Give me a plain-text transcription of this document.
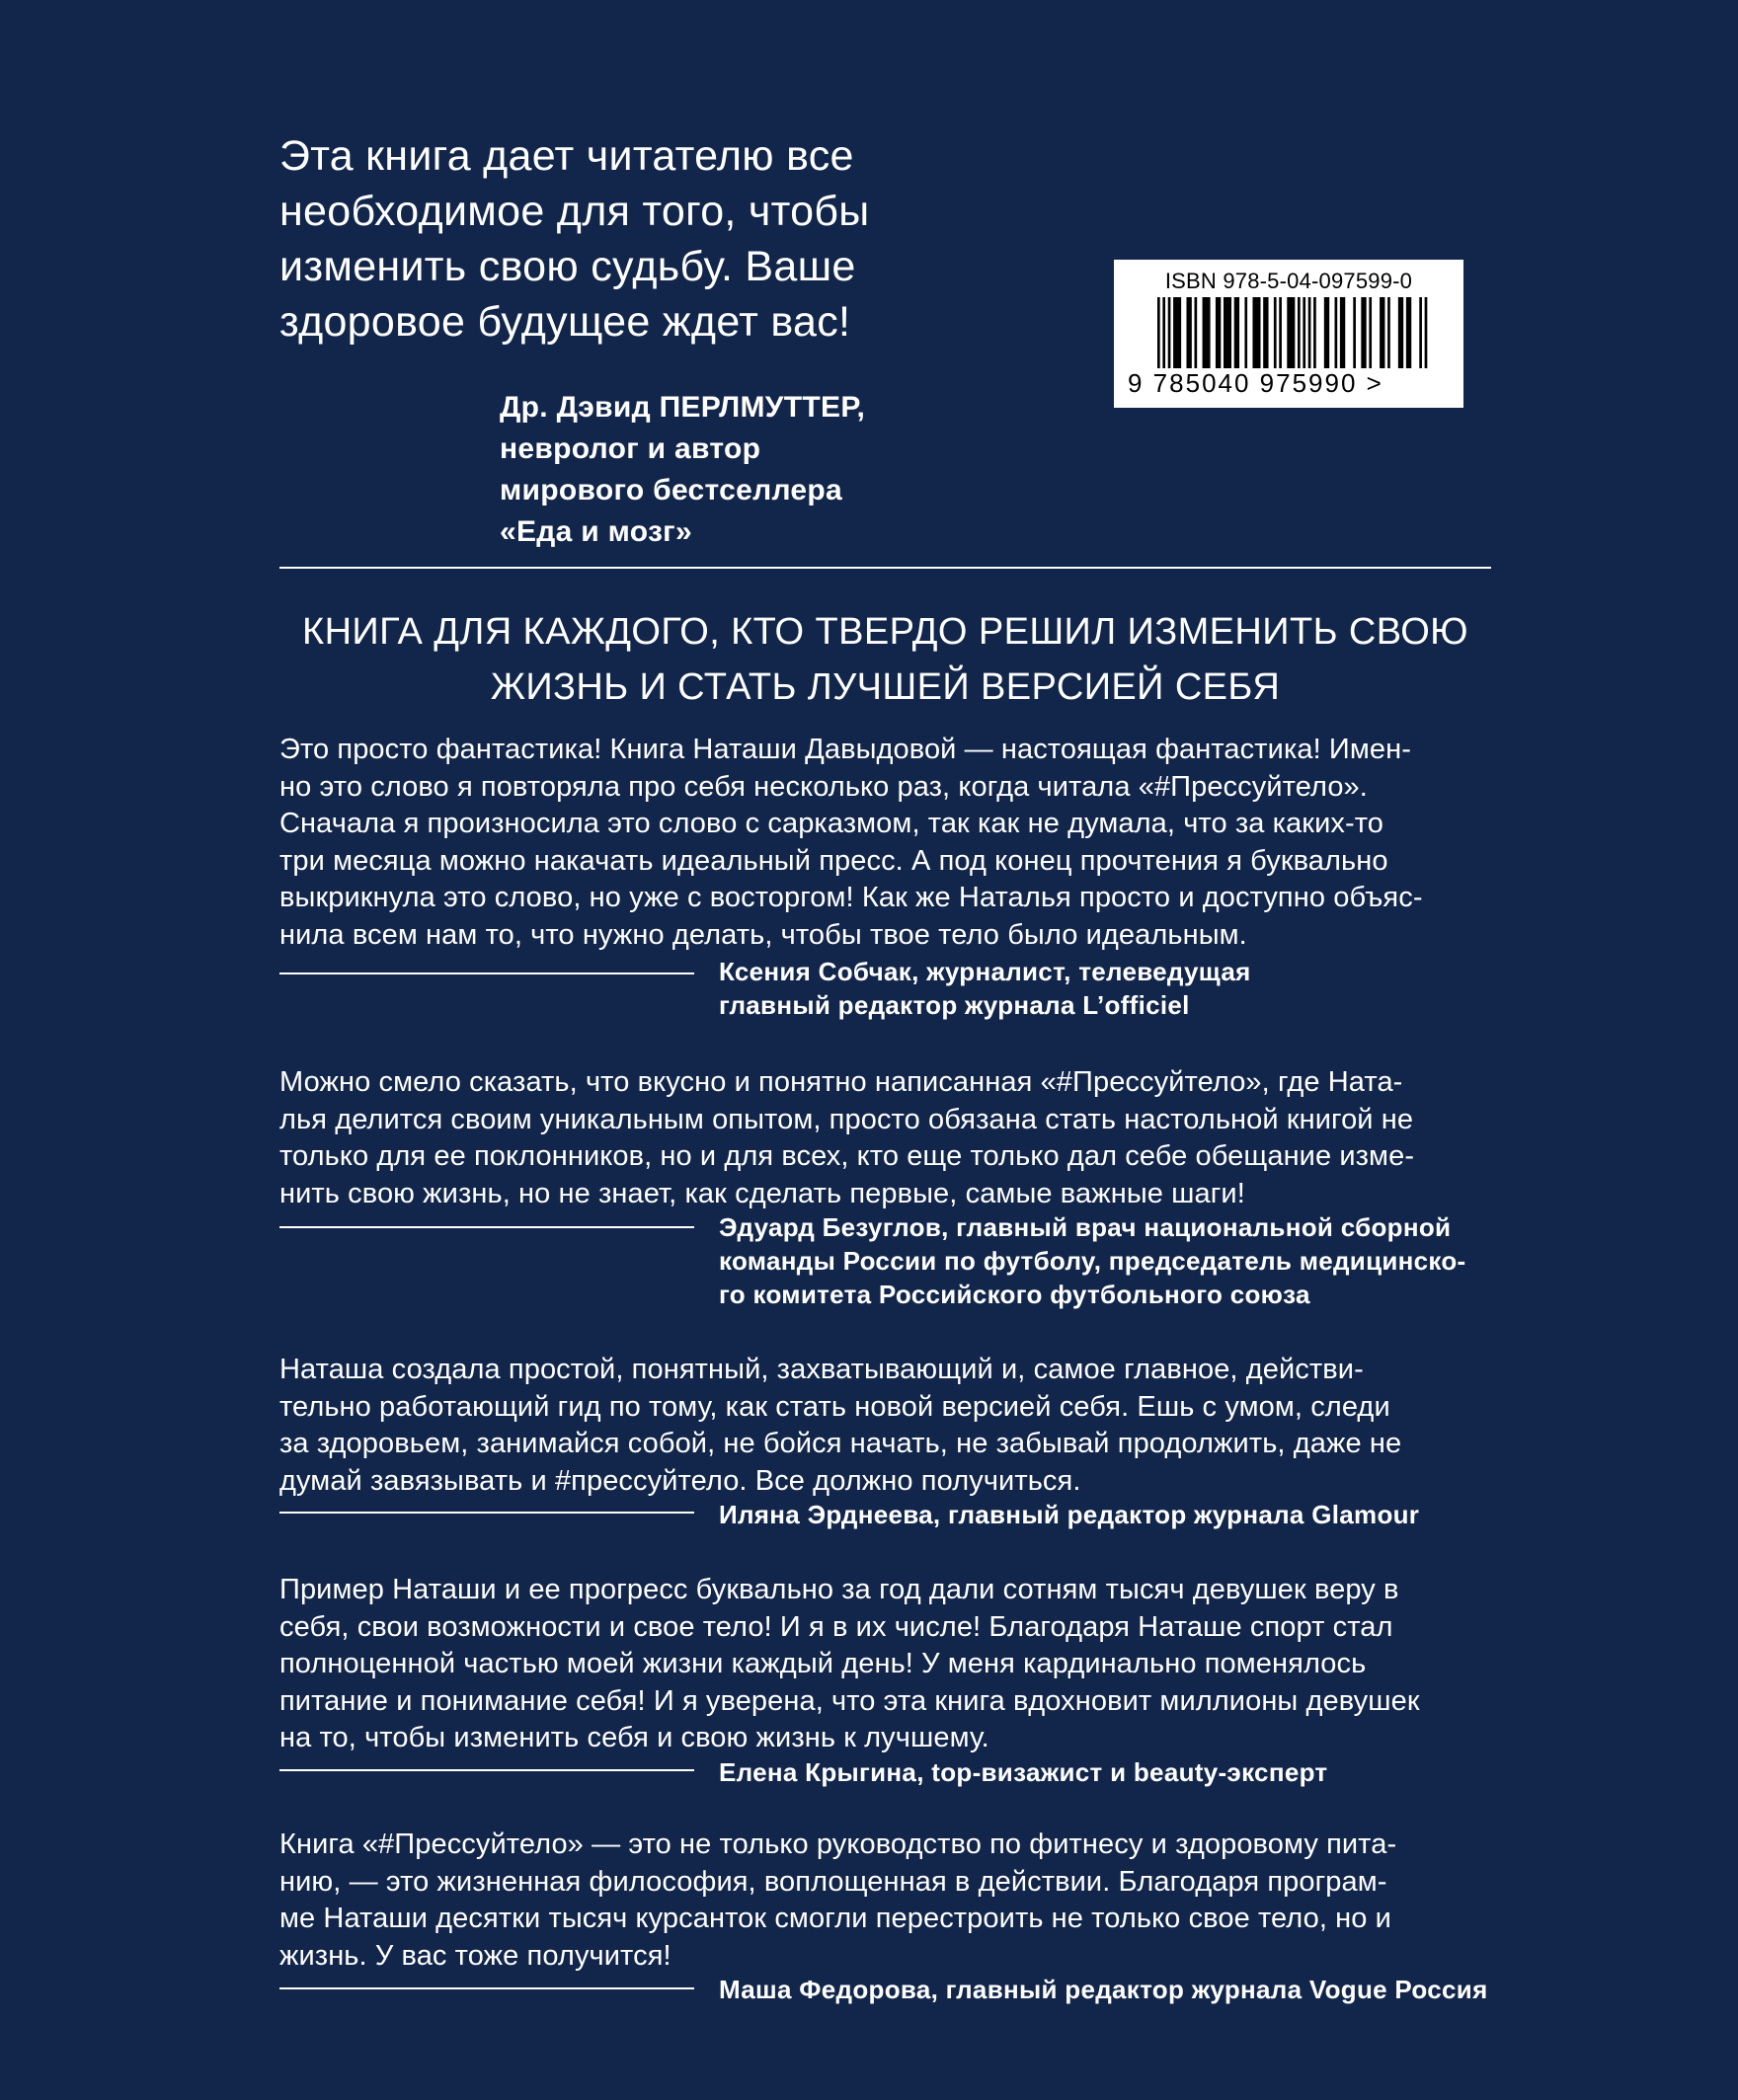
Эта книга дает читателю все
необходимое для того, чтобы
изменить свою судьбу. Ваше
здоровое будущее ждет вас!
Др. Дэвид ПЕРЛМУТТЕР,
невролог и автор
мирового бестселлера
«Еда и мозг»
ISBN 978-5-04-097599-0
9 785040 975990 >
КНИГА ДЛЯ КАЖДОГО, КТО ТВЕРДО РЕШИЛ ИЗМЕНИТЬ СВОЮ
ЖИЗНЬ И СТАТЬ ЛУЧШЕЙ ВЕРСИЕЙ СЕБЯ
Это просто фантастика! Книга Наташи Давыдовой — настоящая фантастика! Имен-
но это слово я повторяла про себя несколько раз, когда читала «#Прессуйтело».
Сначала я произносила это слово с сарказмом, так как не думала, что за каких-то
три месяца можно накачать идеальный пресс. А под конец прочтения я буквально
выкрикнула это слово, но уже с восторгом! Как же Наталья просто и доступно объяс-
нила всем нам то, что нужно делать, чтобы твое тело было идеальным.
Ксения Собчак, журналист, телеведущая
главный редактор журнала L’officiel
Можно смело сказать, что вкусно и понятно написанная «#Прессуйтело», где Ната-
лья делится своим уникальным опытом, просто обязана стать настольной книгой не
только для ее поклонников, но и для всех, кто еще только дал себе обещание изме-
нить свою жизнь, но не знает, как сделать первые, самые важные шаги!
Эдуард Безуглов, главный врач национальной сборной
команды России по футболу, председатель медицинско-
го комитета Российского футбольного союза
Наташа создала простой, понятный, захватывающий и, самое главное, действи-
тельно работающий гид по тому, как стать новой версией себя. Ешь с умом, следи
за здоровьем, занимайся собой, не бойся начать, не забывай продолжить, даже не
думай завязывать и #прессуйтело. Все должно получиться.
Иляна Эрднеева, главный редактор журнала Glamour
Пример Наташи и ее прогресс буквально за год дали сотням тысяч девушек веру в
себя, свои возможности и свое тело! И я в их числе! Благодаря Наташе спорт стал
полноценной частью моей жизни каждый день! У меня кардинально поменялось
питание и понимание себя! И я уверена, что эта книга вдохновит миллионы девушек
на то, чтобы изменить себя и свою жизнь к лучшему.
Елена Крыгина, top-визажист и beauty-эксперт
Книга «#Прессуйтело» — это не только руководство по фитнесу и здоровому пита-
нию, — это жизненная философия, воплощенная в действии. Благодаря програм-
ме Наташи десятки тысяч курсанток смогли перестроить не только свое тело, но и
жизнь. У вас тоже получится!
Маша Федорова, главный редактор журнала Vogue Россия
